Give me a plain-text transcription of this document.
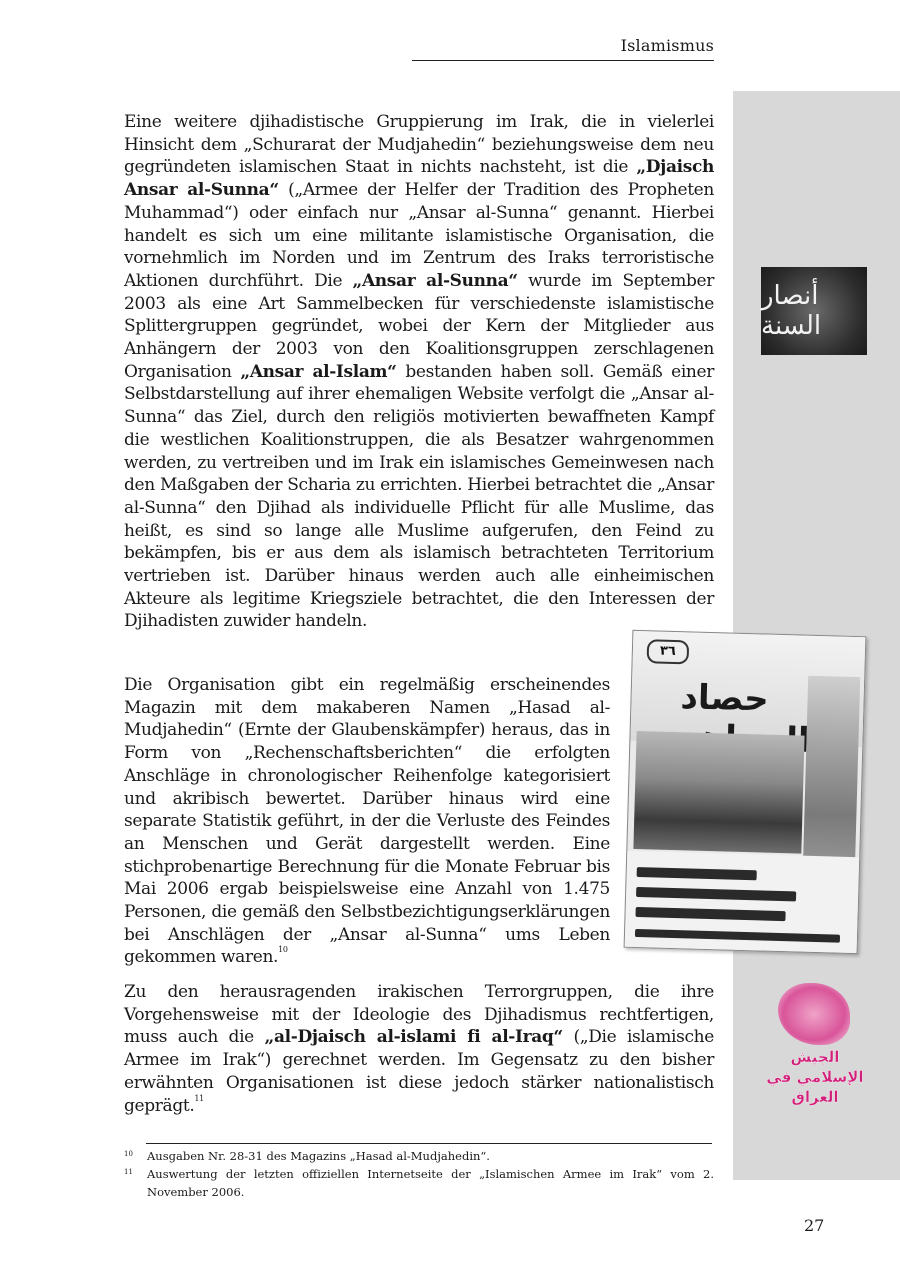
Islamismus
Eine weitere djihadistische Gruppierung im Irak, die in vielerlei Hinsicht dem „Schurarat der Mudjahedin“ beziehungsweise dem neu gegründeten islamischen Staat in nichts nachsteht, ist die „Djaisch Ansar al-Sunna“ („Armee der Helfer der Tradition des Propheten Muhammad“) oder einfach nur „Ansar al-Sunna“ genannt. Hierbei handelt es sich um eine militante islamistische Organisation, die vornehmlich im Norden und im Zentrum des Iraks terroristische Aktionen durchführt. Die „Ansar al-Sunna“ wurde im September 2003 als eine Art Sammelbecken für verschiedenste islamistische Splittergruppen gegründet, wobei der Kern der Mitglieder aus Anhängern der 2003 von den Koalitionsgruppen zerschlagenen Organisation „Ansar al-Islam“ bestanden haben soll. Gemäß einer Selbstdarstellung auf ihrer ehemaligen Website verfolgt die „Ansar al-Sunna“ das Ziel, durch den religiös motivierten bewaffneten Kampf die westlichen Koalitionstruppen, die als Besatzer wahrgenommen werden, zu vertreiben und im Irak ein islamisches Gemeinwesen nach den Maßgaben der Scharia zu errichten. Hierbei betrachtet die „Ansar al-Sunna“ den Djihad als individuelle Pflicht für alle Muslime, das heißt, es sind so lange alle Muslime aufgerufen, den Feind zu bekämpfen, bis er aus dem als islamisch betrachteten Territorium vertrieben ist. Darüber hinaus werden auch alle einheimischen Akteure als legitime Kriegsziele betrachtet, die den Interessen der Djihadisten zuwider handeln.
أنصار السنة
Die Organisation gibt ein regelmäßig erscheinendes Magazin mit dem makaberen Namen „Hasad al-Mudjahedin“ (Ernte der Glaubenskämpfer) heraus, das in Form von „Rechenschaftsberichten“ die erfolgten Anschläge in chronologischer Reihenfolge kategorisiert und akribisch bewertet. Darüber hinaus wird eine separate Statistik geführt, in der die Verluste des Feindes an Menschen und Gerät dargestellt werden. Eine stichprobenartige Berechnung für die Monate Februar bis Mai 2006 ergab beispielsweise eine Anzahl von 1.475 Personen, die gemäß den Selbstbezichtigungserklärungen bei Anschlägen der „Ansar al-Sunna“ ums Leben gekommen waren.$^{10}$
٣٦
حصاد
Zu den herausragenden irakischen Terrorgruppen, die ihre Vorgehensweise mit der Ideologie des Djihadismus rechtfertigen, muss auch die „al-Djaisch al-islami fi al-Iraq“ („Die islamische Armee im Irak“) gerechnet werden. Im Gegensatz zu den bisher erwähnten Organisationen ist diese jedoch stärker nationalistisch geprägt.$^{11}$
الجيش الإسلامي في العراق
10 Ausgaben Nr. 28-31 des Magazins „Hasad al-Mudjahedin“.
11 Auswertung der letzten offiziellen Internetseite der „Islamischen Armee im Irak“ vom 2. November 2006.
27
